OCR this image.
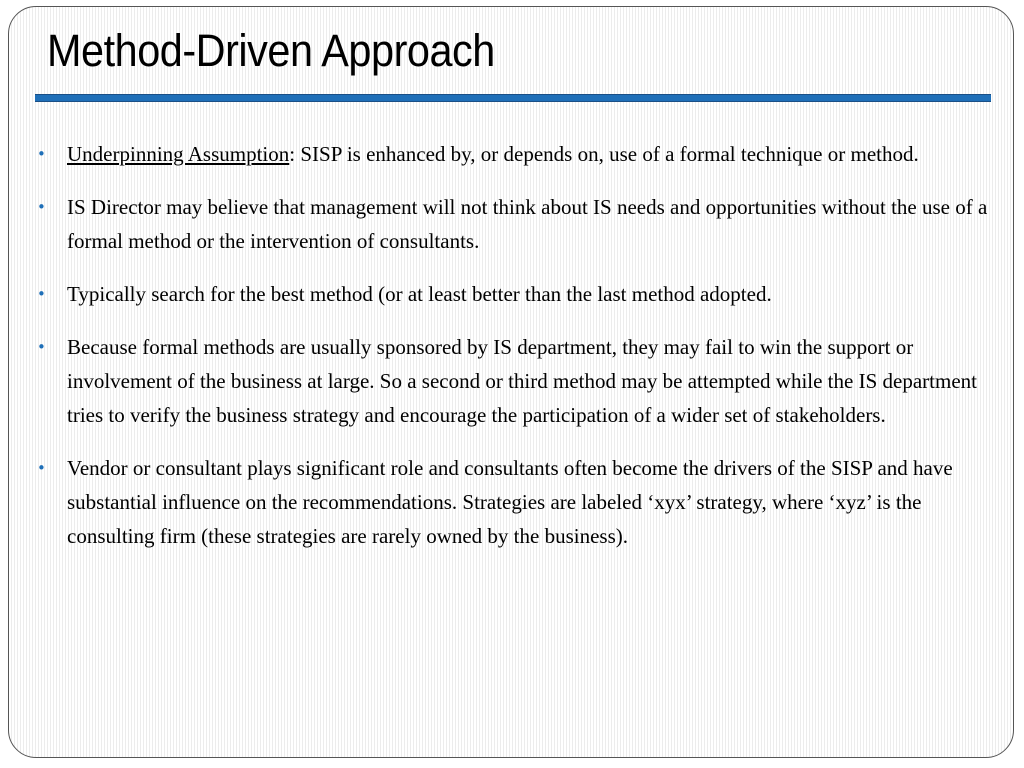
Method-Driven Approach
• Underpinning Assumption: SISP is enhanced by, or depends on, use of a formal technique or method.
• IS Director may believe that management will not think about IS needs and opportunities without the use of a formal method or the intervention of consultants.
• Typically search for the best method (or at least better than the last method adopted.
• Because formal methods are usually sponsored by IS department, they may fail to win the support or involvement of the business at large. So a second or third method may be attempted while the IS department tries to verify the business strategy and encourage the participation of a wider set of stakeholders.
• Vendor or consultant plays significant role and consultants often become the drivers of the SISP and have substantial influence on the recommendations. Strategies are labeled ‘xyx’ strategy, where ‘xyz’ is the consulting firm (these strategies are rarely owned by the business).
